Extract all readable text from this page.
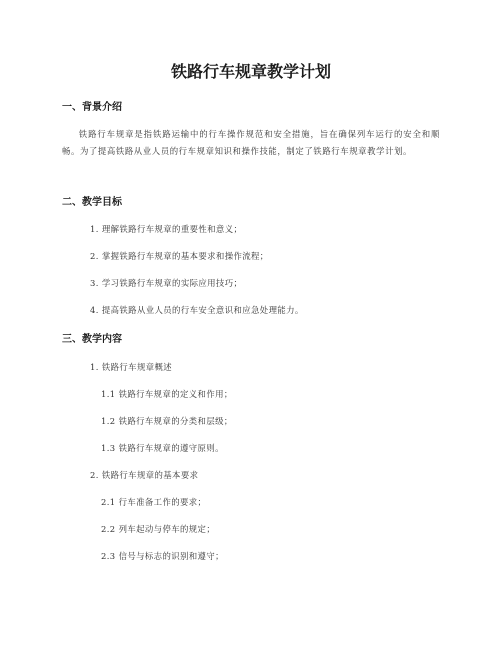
铁路行车规章教学计划
一、背景介绍

铁路行车规章是指铁路运输中的行车操作规范和安全措施，旨在确保列车运行的安全和顺畅。为了提高铁路从业人员的行车规章知识和操作技能，制定了铁路行车规章教学计划。

二、教学目标

1. 理解铁路行车规章的重要性和意义；

2. 掌握铁路行车规章的基本要求和操作流程；

3. 学习铁路行车规章的实际应用技巧；

4. 提高铁路从业人员的行车安全意识和应急处理能力。

三、教学内容

1. 铁路行车规章概述

1.1 铁路行车规章的定义和作用；

1.2 铁路行车规章的分类和层级；

1.3 铁路行车规章的遵守原则。

2. 铁路行车规章的基本要求

2.1 行车准备工作的要求；

2.2 列车起动与停车的规定；

2.3 信号与标志的识别和遵守；
